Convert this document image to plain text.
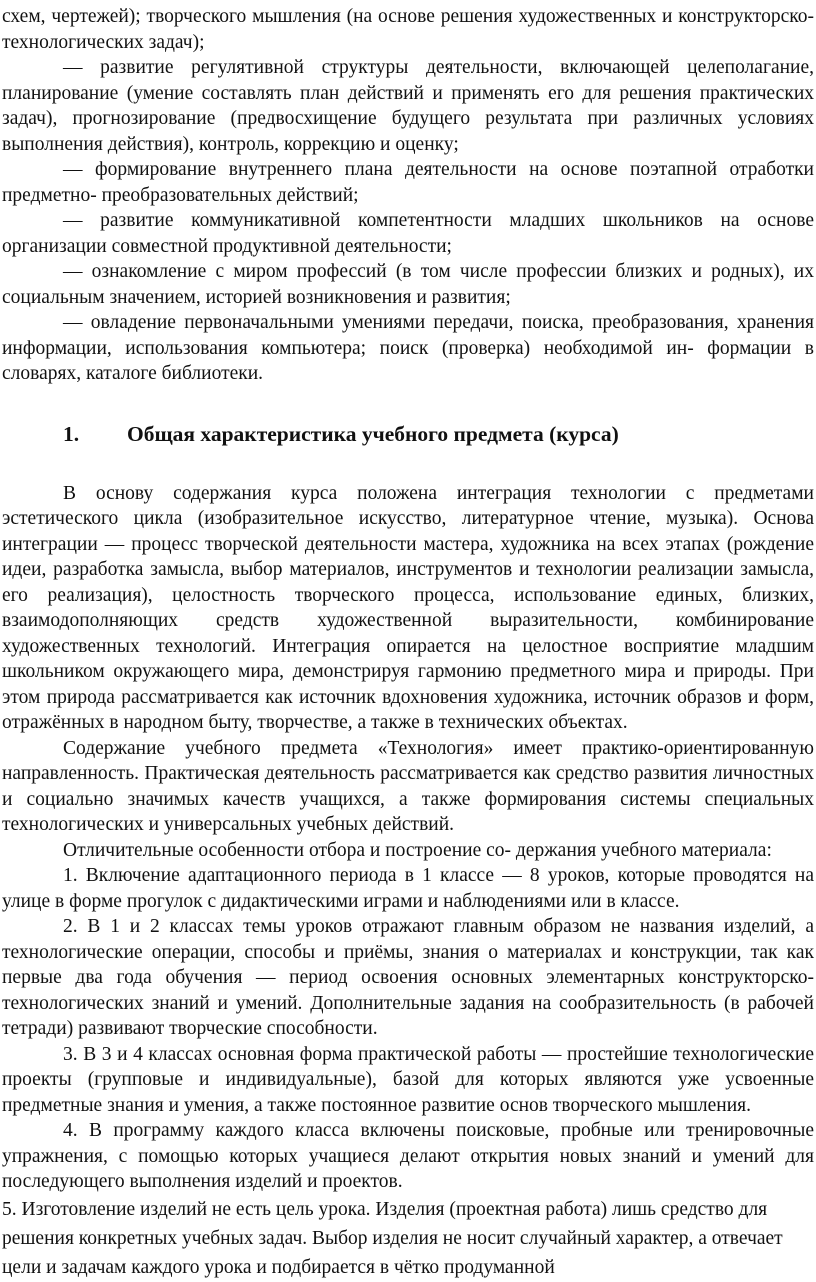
схем, чертежей); творческого мышления (на основе решения художественных и конструкторско-технологических задач);

— развитие регулятивной структуры деятельности, включающей целеполагание, планирование (умение составлять план действий и применять его для решения практических задач), прогнозирование (предвосхищение будущего результата при различных условиях выполнения действия), контроль, коррекцию и оценку;

— формирование внутреннего плана деятельности на основе поэтапной отработки предметно- преобразовательных действий;

— развитие коммуникативной компетентности младших школьников на основе организации совместной продуктивной деятельности;

— ознакомление с миром профессий (в том числе профессии близких и родных), их социальным значением, историей возникновения и развития;

— овладение первоначальными умениями передачи, поиска, преобразования, хранения информации, использования компьютера; поиск (проверка) необходимой ин- формации в словарях, каталоге библиотеки.

1.	Общая характеристика учебного предмета (курса)

В основу содержания курса положена интеграция технологии с предметами эстетического цикла (изобразительное искусство, литературное чтение, музыка). Основа интеграции — процесс творческой деятельности мастера, художника на всех этапах (рождение идеи, разработка замысла, выбор материалов, инструментов и технологии реализации замысла, его реализация), целостность творческого процесса, использование единых, близких, взаимодополняющих средств художественной выразительности, комбинирование художественных технологий. Интеграция опирается на целостное восприятие младшим школьником окружающего мира, демонстрируя гармонию предметного мира и природы. При этом природа рассматривается как источник вдохновения художника, источник образов и форм, отражённых в народном быту, творчестве, а также в технических объектах.

Содержание учебного предмета «Технология» имеет практико-ориентированную направленность. Практическая деятельность рассматривается как средство развития личностных и социально значимых качеств учащихся, а также формирования системы специальных технологических и универсальных учебных действий.

Отличительные особенности отбора и построение со- держания учебного материала:

1. Включение адаптационного периода в 1 классе — 8 уроков, которые проводятся на улице в форме прогулок с дидактическими играми и наблюдениями или в классе.

2. В 1 и 2 классах темы уроков отражают главным образом не названия изделий, а технологические операции, способы и приёмы, знания о материалах и конструкции, так как первые два года обучения — период освоения основных элементарных конструкторско-технологических знаний и умений. Дополнительные задания на сообразительность (в рабочей тетради) развивают творческие способности.

3. В 3 и 4 классах основная форма практической работы — простейшие технологические проекты (групповые и индивидуальные), базой для которых являются уже усвоенные предметные знания и умения, а также постоянное развитие основ творческого мышления.

4. В программу каждого класса включены поисковые, пробные или тренировочные упражнения, с помощью которых учащиеся делают открытия новых знаний и умений для последующего выполнения изделий и проектов.

5. Изготовление изделий не есть цель урока. Изделия (проектная работа) лишь средство для решения конкретных учебных задач. Выбор изделия не носит случайный характер, а отвечает цели и задачам каждого урока и подбирается в чётко продуманной
